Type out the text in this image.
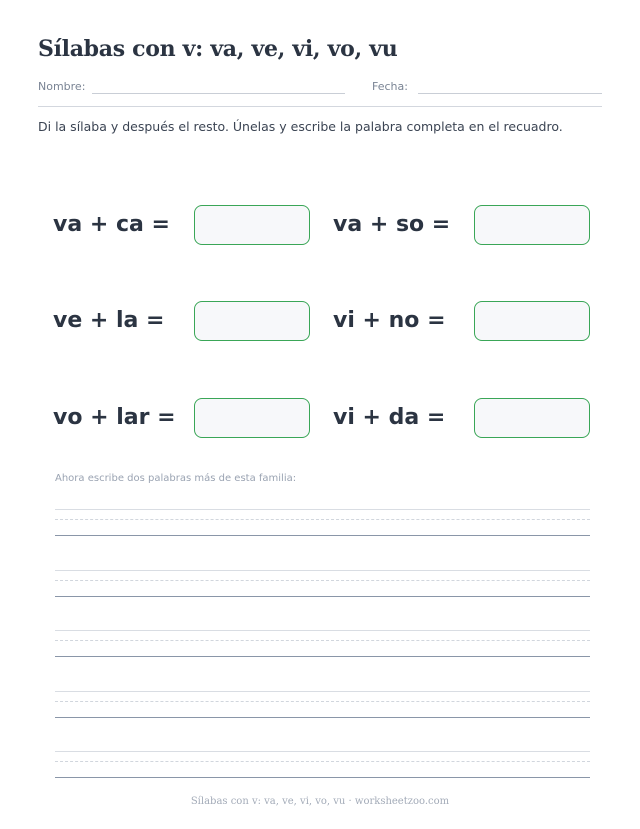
Sílabas con v: va, ve, vi, vo, vu
Nombre:	Fecha:

Di la sílaba y después el resto. Únelas y escribe la palabra completa en el recuadro.

va + ca =	va + so =
ve + la =	vi + no =
vo + lar =	vi + da =

Ahora escribe dos palabras más de esta familia:

Sílabas con v: va, ve, vi, vo, vu · worksheetzoo.com
